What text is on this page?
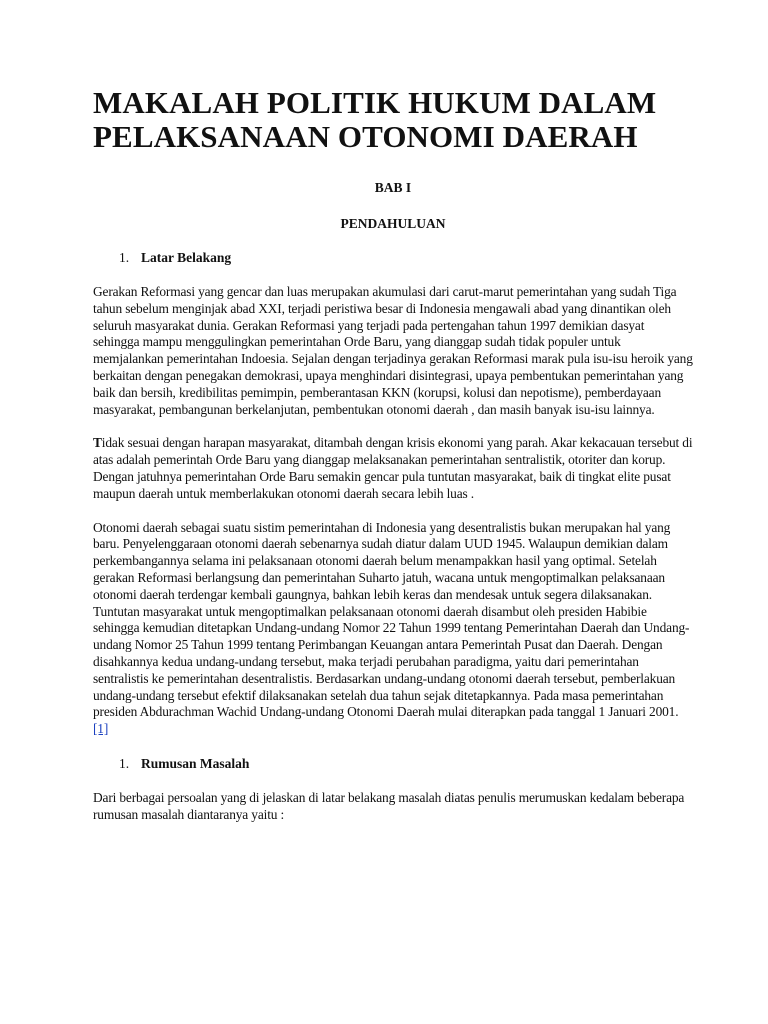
MAKALAH POLITIK HUKUM DALAM PELAKSANAAN OTONOMI DAERAH

BAB I

PENDAHULUAN

1. Latar Belakang

Gerakan Reformasi yang gencar dan luas merupakan akumulasi dari carut-marut pemerintahan yang sudah Tiga tahun sebelum menginjak abad XXI, terjadi peristiwa besar di Indonesia mengawali abad yang dinantikan oleh seluruh masyarakat dunia. Gerakan Reformasi yang terjadi pada pertengahan tahun 1997 demikian dasyat sehingga mampu menggulingkan pemerintahan Orde Baru, yang dianggap sudah tidak populer untuk memjalankan pemerintahan Indoesia. Sejalan dengan terjadinya gerakan Reformasi marak pula isu-isu heroik yang berkaitan dengan penegakan demokrasi, upaya menghindari disintegrasi, upaya pembentukan pemerintahan yang baik dan bersih, kredibilitas pemimpin, pemberantasan KKN (korupsi, kolusi dan nepotisme), pemberdayaan masyarakat, pembangunan berkelanjutan, pembentukan otonomi daerah , dan masih banyak isu-isu lainnya.

Tidak sesuai dengan harapan masyarakat, ditambah dengan krisis ekonomi yang parah. Akar kekacauan tersebut di atas adalah pemerintah Orde Baru yang dianggap melaksanakan pemerintahan sentralistik, otoriter dan korup. Dengan jatuhnya pemerintahan Orde Baru semakin gencar pula tuntutan masyarakat, baik di tingkat elite pusat maupun daerah untuk memberlakukan otonomi daerah secara lebih luas .

Otonomi daerah sebagai suatu sistim pemerintahan di Indonesia yang desentralistis bukan merupakan hal yang baru. Penyelenggaraan otonomi daerah sebenarnya sudah diatur dalam UUD 1945. Walaupun demikian dalam perkembangannya selama ini pelaksanaan otonomi daerah belum menampakkan hasil yang optimal. Setelah gerakan Reformasi berlangsung dan pemerintahan Suharto jatuh, wacana untuk mengoptimalkan pelaksanaan otonomi daerah terdengar kembali gaungnya, bahkan lebih keras dan mendesak untuk segera dilaksanakan. Tuntutan masyarakat untuk mengoptimalkan pelaksanaan otonomi daerah disambut oleh presiden Habibie sehingga kemudian ditetapkan Undang-undang Nomor 22 Tahun 1999 tentang Pemerintahan Daerah dan Undang-undang Nomor 25 Tahun 1999 tentang Perimbangan Keuangan antara Pemerintah Pusat dan Daerah. Dengan disahkannya kedua undang-undang tersebut, maka terjadi perubahan paradigma, yaitu dari pemerintahan sentralistis ke pemerintahan desentralistis. Berdasarkan undang-undang otonomi daerah tersebut, pemberlakuan undang-undang tersebut efektif dilaksanakan setelah dua tahun sejak ditetapkannya. Pada masa pemerintahan presiden Abdurachman Wachid Undang-undang Otonomi Daerah mulai diterapkan pada tanggal 1 Januari 2001. [1]

1. Rumusan Masalah

Dari berbagai persoalan yang di jelaskan di latar belakang masalah diatas penulis merumuskan kedalam beberapa rumusan masalah diantaranya yaitu :
